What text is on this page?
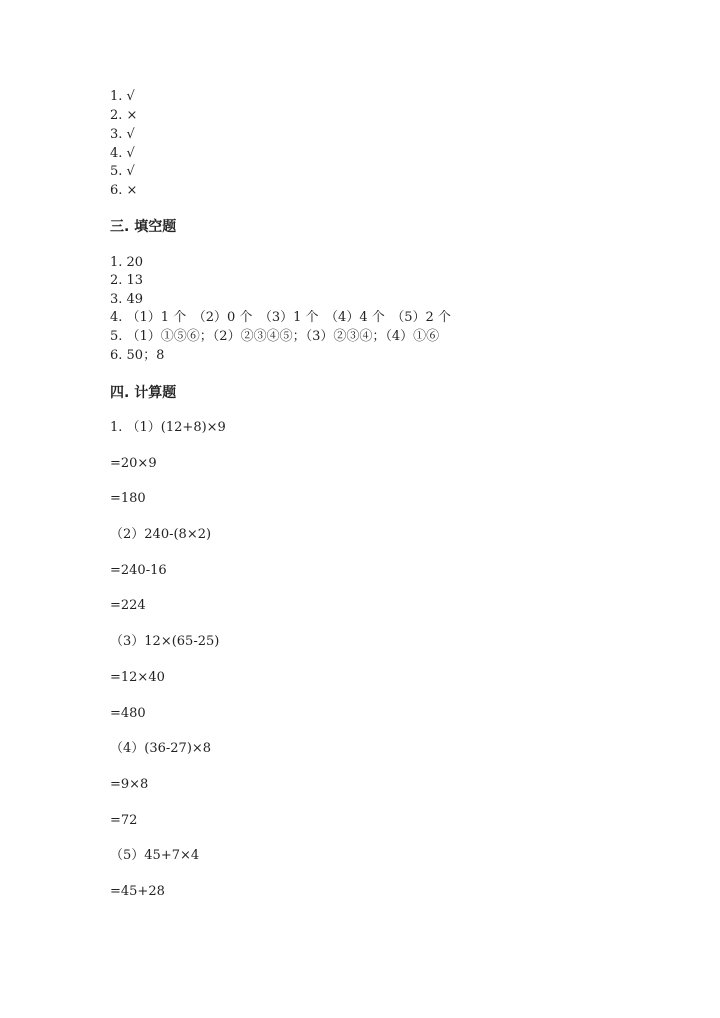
1. √
2. ×
3. √
4. √
5. √
6. ×
三. 填空题
1. 20
2. 13
3. 49
4. （1）1 个　（2）0 个　（3）1 个　（4）4 个　（5）2 个
5. （1）①⑤⑥；（2）②③④⑤；（3）②③④；（4）①⑥
6. 50；8
四. 计算题
1. （1）(12+8)×9
=20×9
=180
（2）240-(8×2)
=240-16
=224
（3）12×(65-25)
=12×40
=480
（4）(36-27)×8
=9×8
=72
（5）45+7×4
=45+28
